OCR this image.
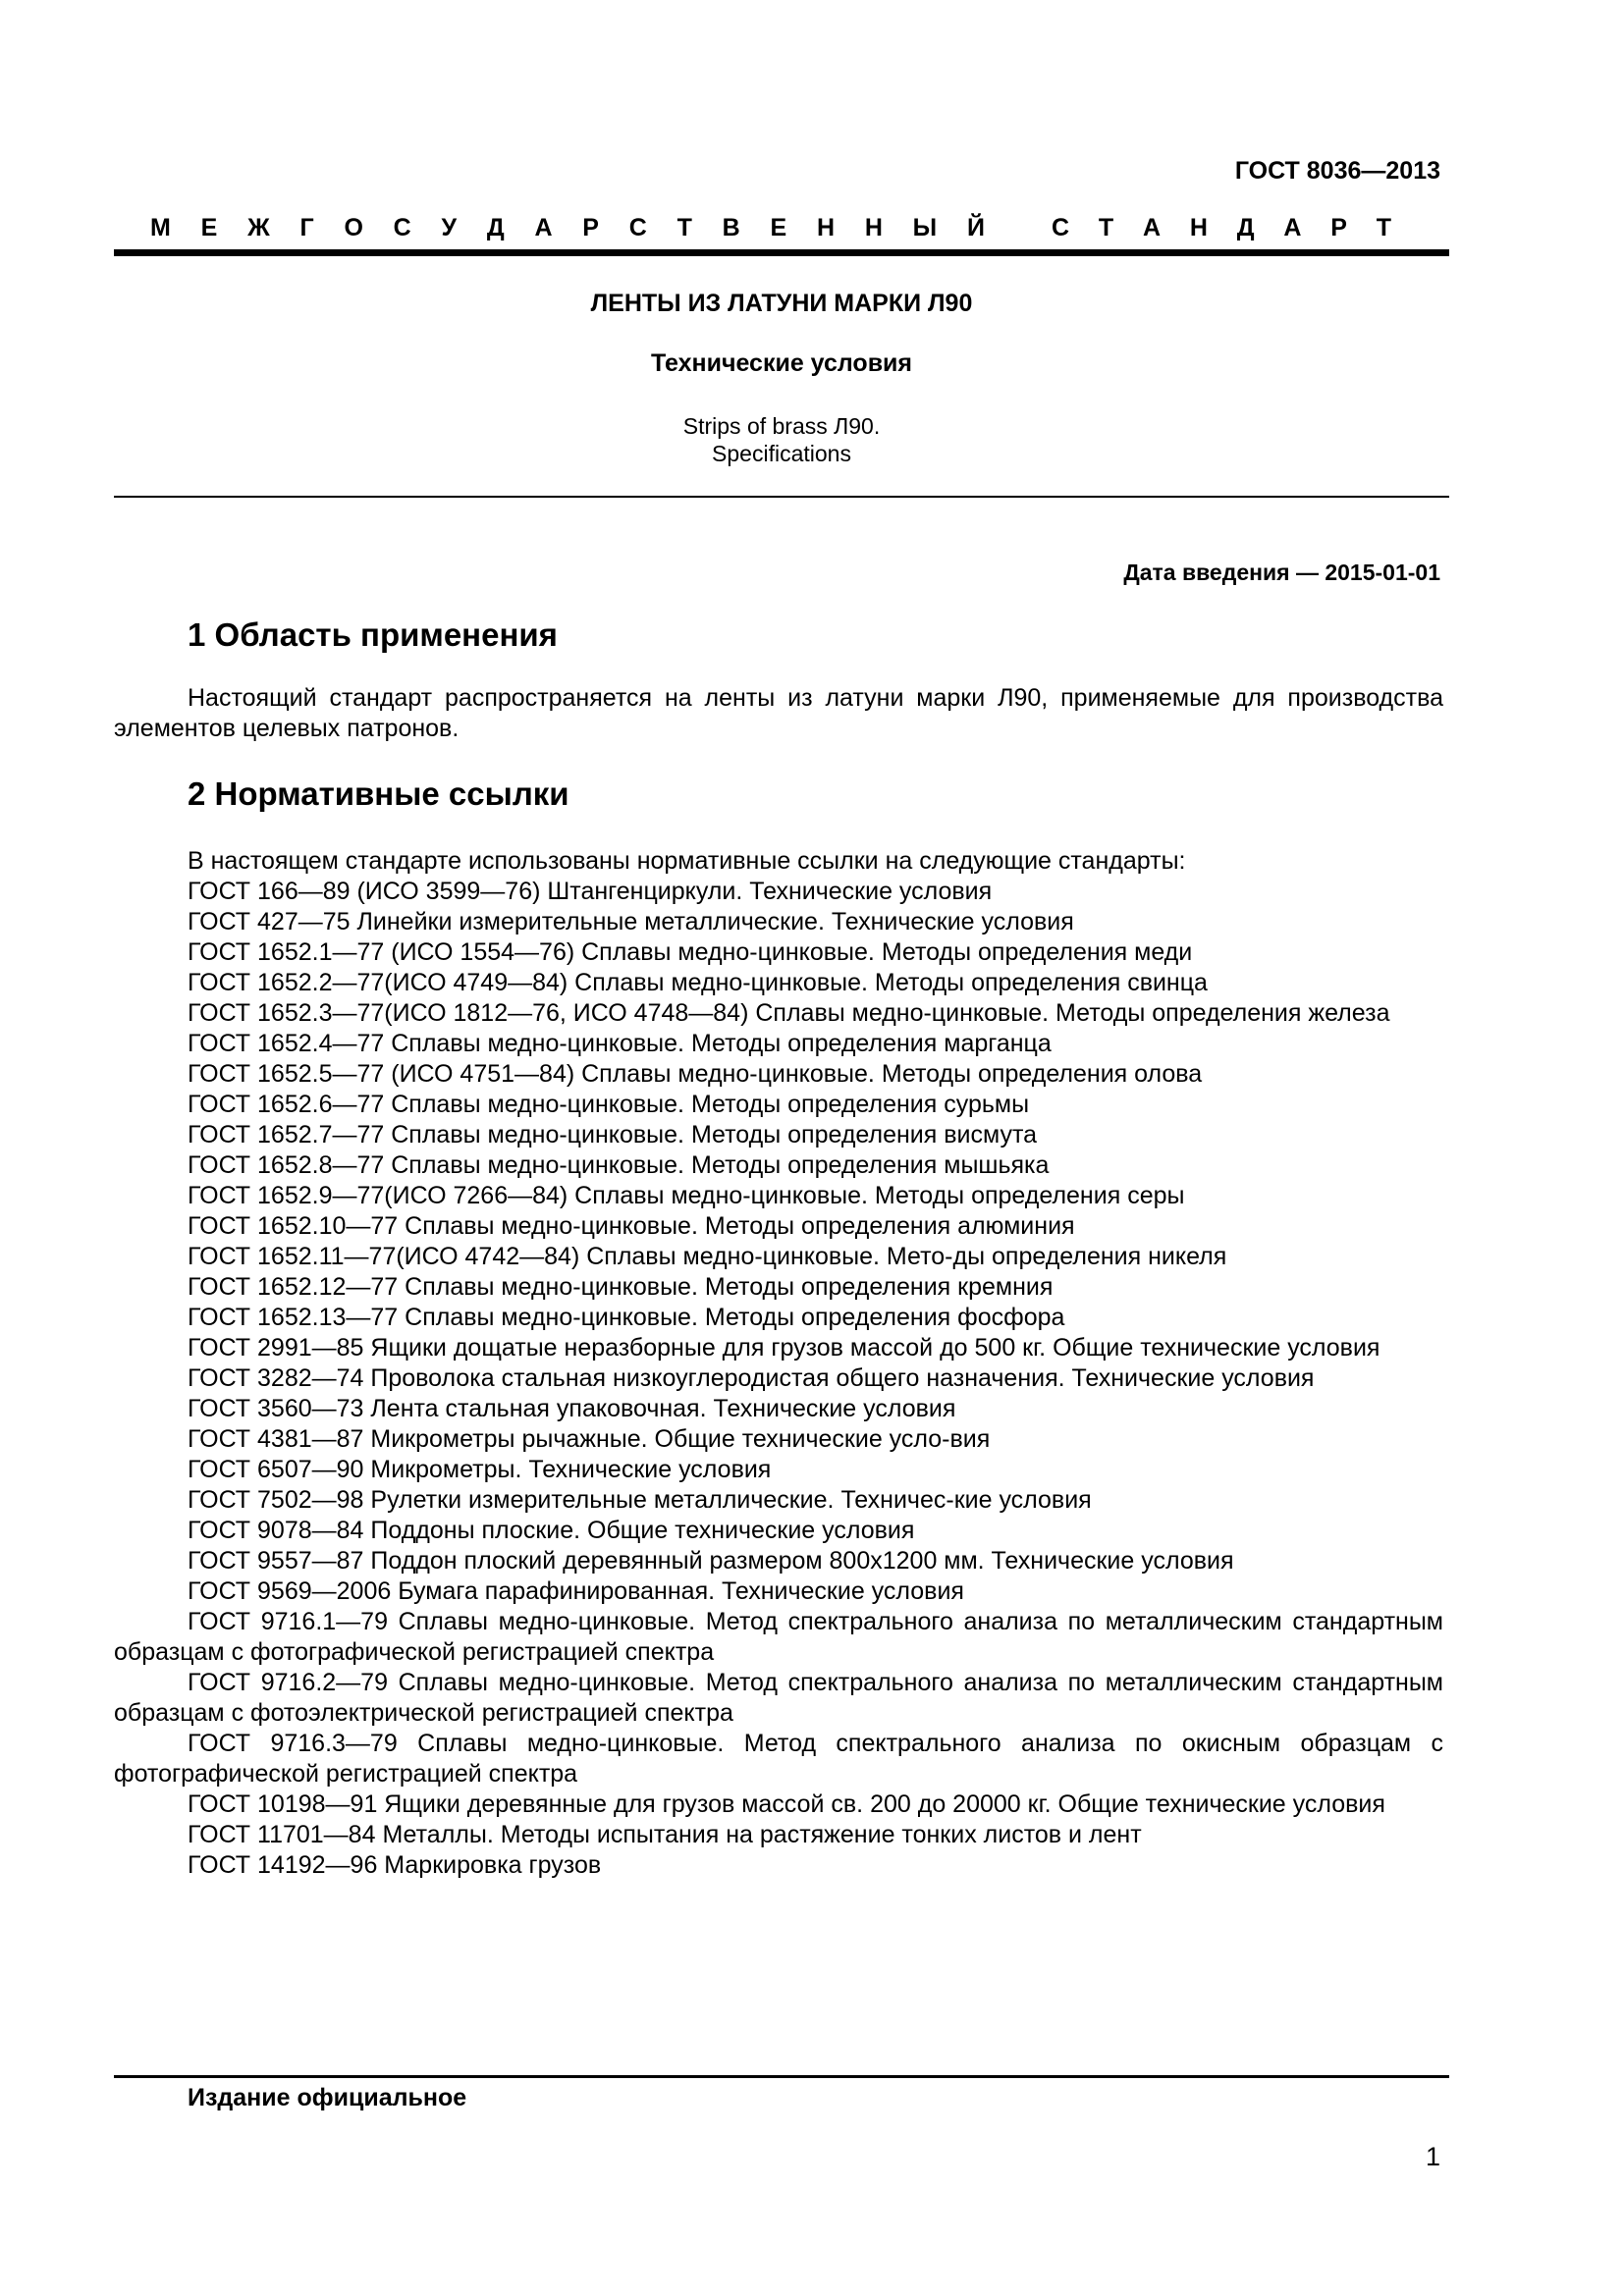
ГОСТ 8036—2013
М Е Ж Г О С У Д А Р С Т В Е Н Н Ы Й	С Т А Н Д А Р Т
ЛЕНТЫ ИЗ ЛАТУНИ МАРКИ Л90
Технические условия
Strips of brass Л90.
Specifications
Дата введения — 2015-01-01
1 Область применения
Настоящий стандарт распространяется на ленты из латуни марки Л90, применяемые для производства элементов целевых патронов.
2 Нормативные ссылки
В настоящем стандарте использованы нормативные ссылки на следующие стандарты:
ГОСТ 166—89 (ИСО 3599—76) Штангенциркули. Технические условия
ГОСТ 427—75 Линейки измерительные металлические. Технические условия
ГОСТ 1652.1—77 (ИСО 1554—76) Сплавы медно-цинковые. Методы определения меди
ГОСТ 1652.2—77(ИСО 4749—84) Сплавы медно-цинковые. Методы определения свинца
ГОСТ 1652.3—77(ИСО 1812—76, ИСО 4748—84) Сплавы медно-цинковые. Методы определения железа
ГОСТ 1652.4—77 Сплавы медно-цинковые. Методы определения марганца
ГОСТ 1652.5—77 (ИСО 4751—84) Сплавы медно-цинковые. Методы определения олова
ГОСТ 1652.6—77 Сплавы медно-цинковые. Методы определения сурьмы
ГОСТ 1652.7—77 Сплавы медно-цинковые. Методы определения висмута
ГОСТ 1652.8—77 Сплавы медно-цинковые. Методы определения мышьяка
ГОСТ 1652.9—77(ИСО 7266—84) Сплавы медно-цинковые. Методы определения серы
ГОСТ 1652.10—77 Сплавы медно-цинковые. Методы определения алюминия
ГОСТ 1652.11—77(ИСО 4742—84) Сплавы медно-цинковые. Мето-ды определения никеля
ГОСТ 1652.12—77 Сплавы медно-цинковые. Методы определения кремния
ГОСТ 1652.13—77 Сплавы медно-цинковые. Методы определения фосфора
ГОСТ 2991—85 Ящики дощатые неразборные для грузов массой до 500 кг. Общие технические условия
ГОСТ 3282—74 Проволока стальная низкоуглеродистая общего назначения. Технические условия
ГОСТ 3560—73 Лента стальная упаковочная. Технические условия
ГОСТ 4381—87 Микрометры рычажные. Общие технические усло-вия
ГОСТ 6507—90 Микрометры. Технические условия
ГОСТ 7502—98 Рулетки измерительные металлические. Техничес-кие условия
ГОСТ 9078—84 Поддоны плоские. Общие технические условия
ГОСТ 9557—87 Поддон плоский деревянный размером 800x1200 мм. Технические условия
ГОСТ 9569—2006 Бумага парафинированная. Технические условия
ГОСТ 9716.1—79 Сплавы медно-цинковые. Метод спектрального анализа по металлическим стандартным образцам с фотографической регистрацией спектра
ГОСТ 9716.2—79 Сплавы медно-цинковые. Метод спектрального анализа по металлическим стандартным образцам с фотоэлектрической регистрацией спектра
ГОСТ 9716.3—79 Сплавы медно-цинковые. Метод спектрального анализа по окисным образцам с фотографической регистрацией спектра
ГОСТ 10198—91 Ящики деревянные для грузов массой св. 200 до 20000 кг. Общие технические условия
ГОСТ 11701—84 Металлы. Методы испытания на растяжение тонких листов и лент
ГОСТ 14192—96 Маркировка грузов
Издание официальное
1
